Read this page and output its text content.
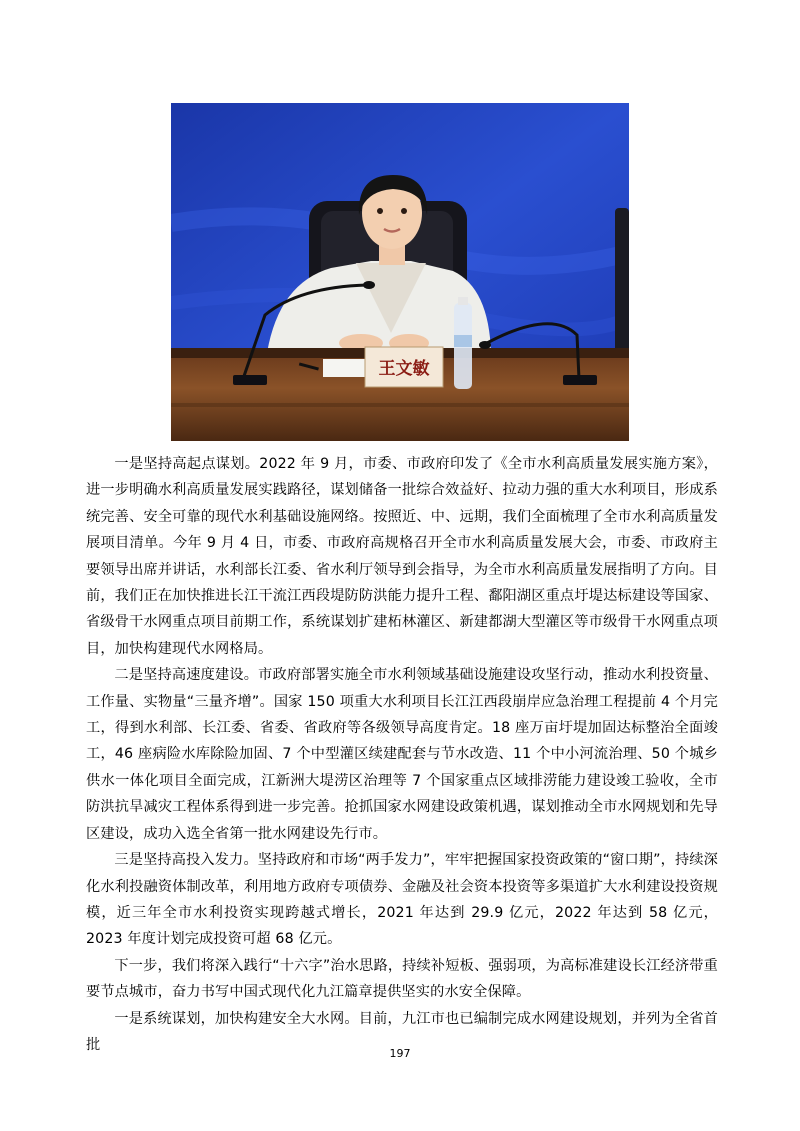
王文敏

一是坚持高起点谋划。2022 年 9 月，市委、市政府印发了《全市水利高质量发展实施方案》，进一步明确水利高质量发展实践路径，谋划储备一批综合效益好、拉动力强的重大水利项目，形成系统完善、安全可靠的现代水利基础设施网络。按照近、中、远期，我们全面梳理了全市水利高质量发展项目清单。今年 9 月 4 日，市委、市政府高规格召开全市水利高质量发展大会，市委、市政府主要领导出席并讲话，水利部长江委、省水利厅领导到会指导，为全市水利高质量发展指明了方向。目前，我们正在加快推进长江干流江西段堤防防洪能力提升工程、鄱阳湖区重点圩堤达标建设等国家、省级骨干水网重点项目前期工作，系统谋划扩建柘林灌区、新建都湖大型灌区等市级骨干水网重点项目，加快构建现代水网格局。

二是坚持高速度建设。市政府部署实施全市水利领域基础设施建设攻坚行动，推动水利投资量、工作量、实物量“三量齐增”。国家 150 项重大水利项目长江江西段崩岸应急治理工程提前 4 个月完工，得到水利部、长江委、省委、省政府等各级领导高度肯定。18 座万亩圩堤加固达标整治全面竣工，46 座病险水库除险加固、7 个中型灌区续建配套与节水改造、11 个中小河流治理、50 个城乡供水一体化项目全面完成，江新洲大堤涝区治理等 7 个国家重点区域排涝能力建设竣工验收，全市防洪抗旱减灾工程体系得到进一步完善。抢抓国家水网建设政策机遇，谋划推动全市水网规划和先导区建设，成功入选全省第一批水网建设先行市。

三是坚持高投入发力。坚持政府和市场“两手发力”，牢牢把握国家投资政策的“窗口期”，持续深化水利投融资体制改革，利用地方政府专项债券、金融及社会资本投资等多渠道扩大水利建设投资规模，近三年全市水利投资实现跨越式增长，2021 年达到 29.9 亿元，2022 年达到 58 亿元，2023 年度计划完成投资可超 68 亿元。

下一步，我们将深入践行“十六字”治水思路，持续补短板、强弱项，为高标准建设长江经济带重要节点城市，奋力书写中国式现代化九江篇章提供坚实的水安全保障。

一是系统谋划，加快构建安全大水网。目前，九江市也已编制完成水网建设规划，并列为全省首批

197
